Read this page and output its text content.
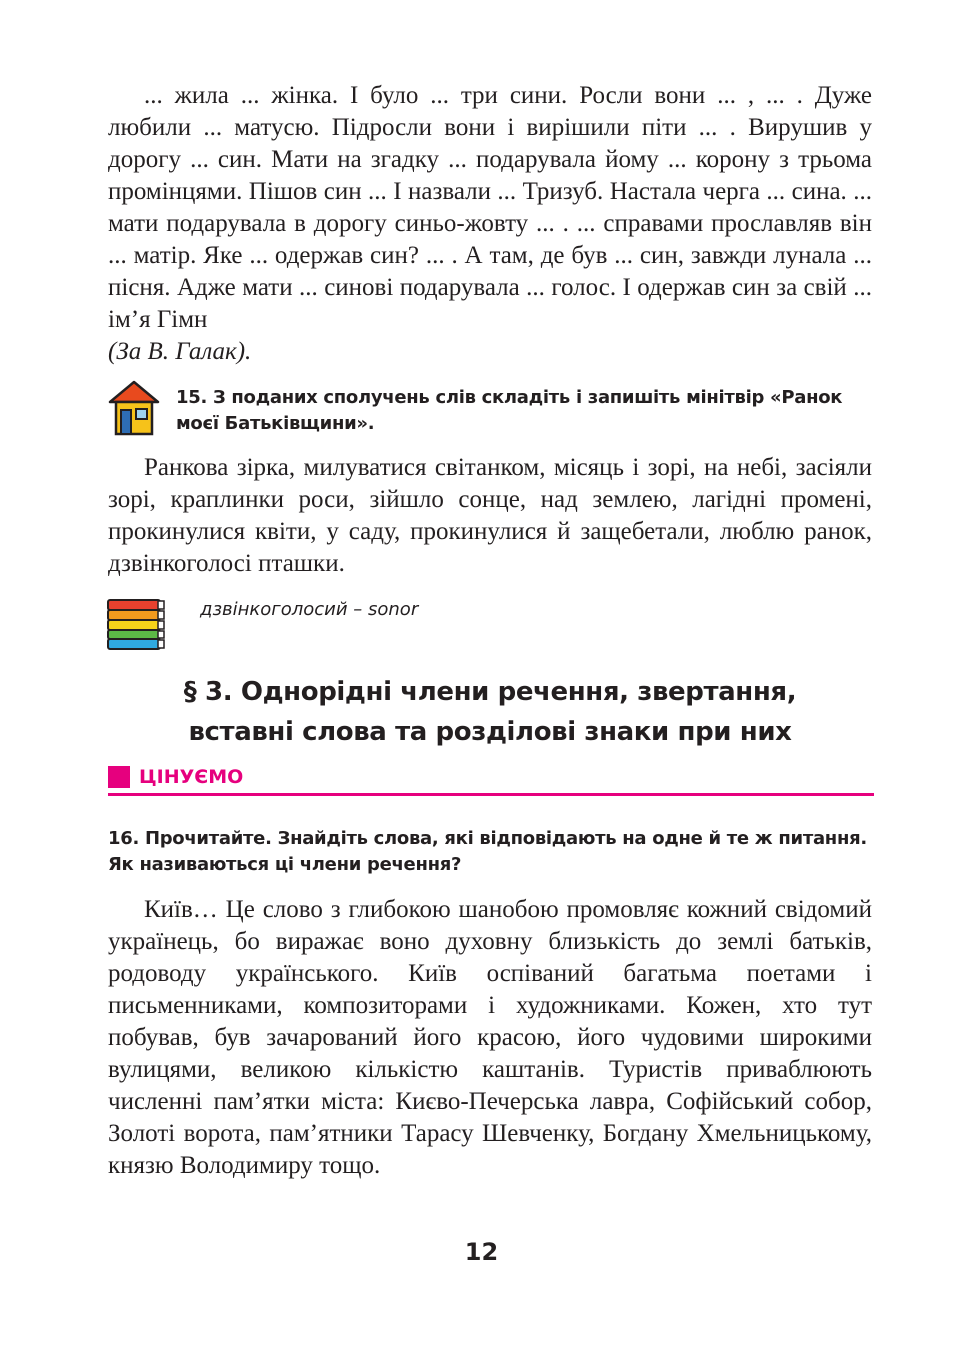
... жила ... жінка. І було ... три сини. Росли вони ... , ... . Дуже любили ... матусю. Підросли вони і вирішили піти ... . Вирушив у дорогу ... син. Мати на згадку ... подарувала йому ... корону з трьома промінцями. Пішов син ... І назвали ... Тризуб. Настала черга ... сина. ... мати подарувала в дорогу синьо-жовту ... . ... справами прославляв він ... матір. Яке ... одержав син? ... . А там, де був ... син, завжди лунала ... пісня. Адже мати ... синові подарувала ... голос. І одержав син за свій ... ім’я Гімн
(За В. Галак).

15. З поданих сполучень слів складіть і запишіть мінітвір «Ранок моєї Батьківщини».

Ранкова зірка, милуватися світанком, місяць і зорі, на небі, засіяли зорі, краплинки роси, зійшло сонце, над землею, лагідні промені, прокинулися квіти, у саду, прокинулися й защебетали, люблю ранок, дзвінкоголосі пташки.

дзвінкоголосий – sonor
§ 3. Однорідні члени речення, звертання,
вставні слова та розділові знаки при них
ЦІНУЄМО
16. Прочитайте. Знайдіть слова, які відповідають на одне й те ж питання. Як називаються ці члени речення?

Київ… Це слово з глибокою шанобою промовляє кожний свідомий українець, бо виражає воно духовну близькість до землі батьків, родоводу українського. Київ оспіваний багатьма поетами і письменниками, композиторами і художниками. Кожен, хто тут побував, був зачарований його красою, його чудовими широкими вулицями, великою кількістю каштанів. Туристів приваблюють численні пам’ятки міста: Києво-Печерська лавра, Софійський собор, Золоті ворота, пам’ятники Тарасу Шевченку, Богдану Хмельницькому, князю Володимиру тощо.

12
